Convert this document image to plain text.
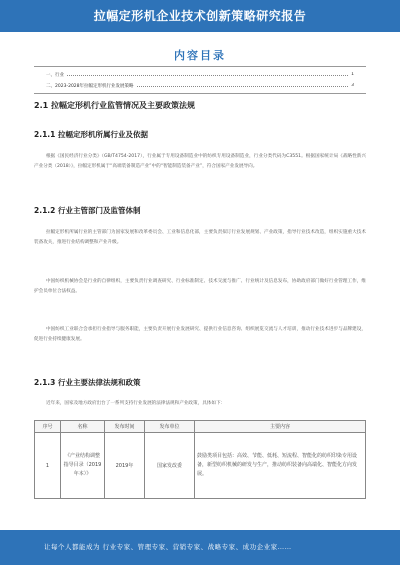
拉幅定形机企业技术创新策略研究报告
内容目录
一、行业	1
二、2023-2028年拉幅定形机行业发展策略	3
2.1 拉幅定形机行业监管情况及主要政策法规
2.1.1 拉幅定形机所属行业及依据
根据《国民经济行业分类》（GB/T4754-2017），行业属于专用设备制造业中的纺织专用设备制造业，行业分类代码为C3551。根据国家统计局《战略性新兴产业分类（2018）》，拉幅定形机属于“高端装备制造产业”中的“智能制造装备产业”，符合国家产业发展导向。
2.1.2 行业主管部门及监管体制
拉幅定形机所属行业的主管部门为国家发展和改革委员会、工业和信息化部，主要负责拟订行业发展规划、产业政策，指导行业技术改造，组织实施重大技术装备攻关，推进行业结构调整和产业升级。
中国纺织机械协会是行业的自律组织，主要负责行业调查研究、行业标准制定、技术交流与推广、行业统计及信息发布，协助政府部门做好行业管理工作，维护会员单位合法权益。
中国纺织工业联合会承担行业指导与服务职能，主要负责开展行业发展研究、提供行业信息咨询、组织展览交流与人才培训，推动行业技术进步与品牌建设，促进行业持续健康发展。
2.1.3 行业主要法律法规和政策
近年来，国家及地方政府出台了一系列支持行业发展的法律法规和产业政策，具体如下：
序号	名称	发布时间	发布单位	主要内容
1	《产业结构调整指导目录（2019年本）》	2019年	国家发改委	鼓励类项目包括：高效、节能、低耗、短流程、智能化的纺织印染专用设备，新型纺织机械的研发与生产，推动纺织装备向高端化、智能化方向发展。
让每个人都能成为 行业专家、管理专家、营销专家、战略专家、成功企业家……
